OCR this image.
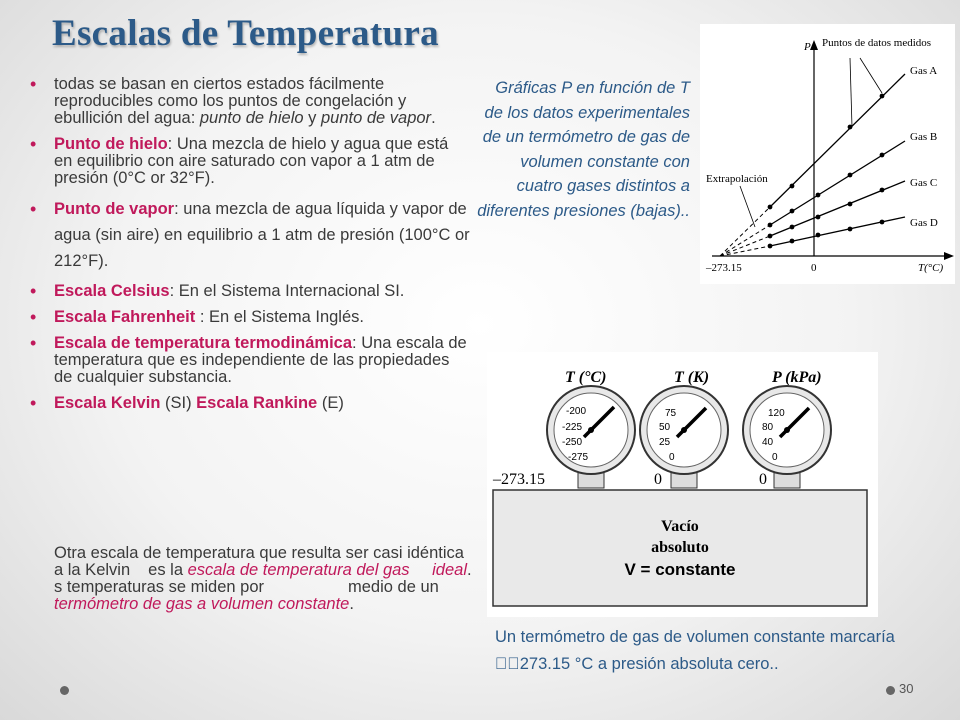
Escalas de Temperatura
• todas se basan en ciertos estados fácilmente reproducibles como los puntos de congelación y ebullición del agua: punto de hielo y punto de vapor.
• Punto de hielo: Una mezcla de hielo y agua que está en equilibrio con aire saturado con vapor a 1 atm de presión (0°C or 32°F).
• Punto de vapor: una mezcla de agua líquida y vapor de agua (sin aire) en equilibrio a 1 atm de presión (100°C or 212°F).
• Escala Celsius: En el Sistema Internacional SI.
• Escala Fahrenheit : En el Sistema Inglés.
• Escala de temperatura termodinámica: Una escala de temperatura que es independiente de las propiedades de cualquier substancia.
• Escala Kelvin (SI) Escala Rankine (E)

Otra escala de temperatura que resulta ser casi idéntica a la Kelvin es la escala de temperatura del gas ideal. s temperaturas se miden por	medio de un termómetro de gas a volumen constante.

Gráficas P en función de T de los datos experimentales de un termómetro de gas de volumen constante con cuatro gases distintos a diferentes presiones (bajas)..

P Puntos de datos medidos
Gas A
Gas B
Gas C
Gas D
Extrapolación
–273.15	0	T(°C)
T (°C)	T (K)	P (kPa)
-200
-225
-250
-275
75
50
25
0
120
80
40
0
–273.15	0	0
Vacío
absoluto
V = constante

Un termómetro de gas de volumen constante marcaría   273.15 °C a presión absoluta cero..

30
